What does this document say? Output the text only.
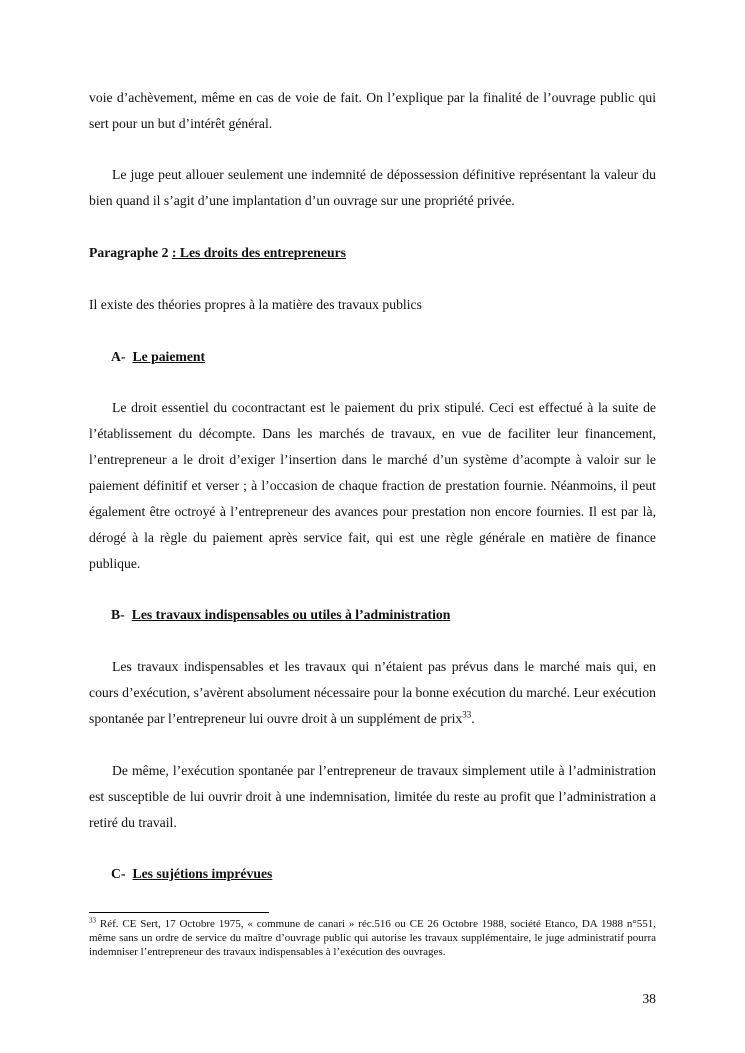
voie d’achèvement, même en cas de voie de fait. On l’explique par la finalité de l’ouvrage public qui sert pour un but d’intérêt général.

Le juge peut allouer seulement une indemnité de dépossession définitive représentant la valeur du bien quand il s’agit d’une implantation d’un ouvrage sur une propriété privée.

Paragraphe 2 : Les droits des entrepreneurs

Il existe des théories propres à la matière des travaux publics

A- Le paiement

Le droit essentiel du cocontractant est le paiement du prix stipulé. Ceci est effectué à la suite de l’établissement du décompte. Dans les marchés de travaux, en vue de faciliter leur financement, l’entrepreneur a le droit d’exiger l’insertion dans le marché d’un système d’acompte à valoir sur le paiement définitif et verser ; à l’occasion de chaque fraction de prestation fournie. Néanmoins, il peut également être octroyé à l’entrepreneur des avances pour prestation non encore fournies. Il est par là, dérogé à la règle du paiement après service fait, qui est une règle générale en matière de finance publique.

B- Les travaux indispensables ou utiles à l’administration

Les travaux indispensables et les travaux qui n’étaient pas prévus dans le marché mais qui, en cours d’exécution, s’avèrent absolument nécessaire pour la bonne exécution du marché. Leur exécution spontanée par l’entrepreneur lui ouvre droit à un supplément de prix$^{33}$.

De même, l’exécution spontanée par l’entrepreneur de travaux simplement utile à l’administration est susceptible de lui ouvrir droit à une indemnisation, limitée du reste au profit que l’administration a retiré du travail.

C- Les sujétions imprévues

$^{33}$ Réf. CE Sert, 17 Octobre 1975, « commune de canari » réc.516 ou CE 26 Octobre 1988, société Etanco, DA 1988 n°551, même sans un ordre de service du maître d’ouvrage public qui autorise les travaux supplémentaire, le juge administratif pourra indemniser l’entrepreneur des travaux indispensables à l’exécution des ouvrages.

38
